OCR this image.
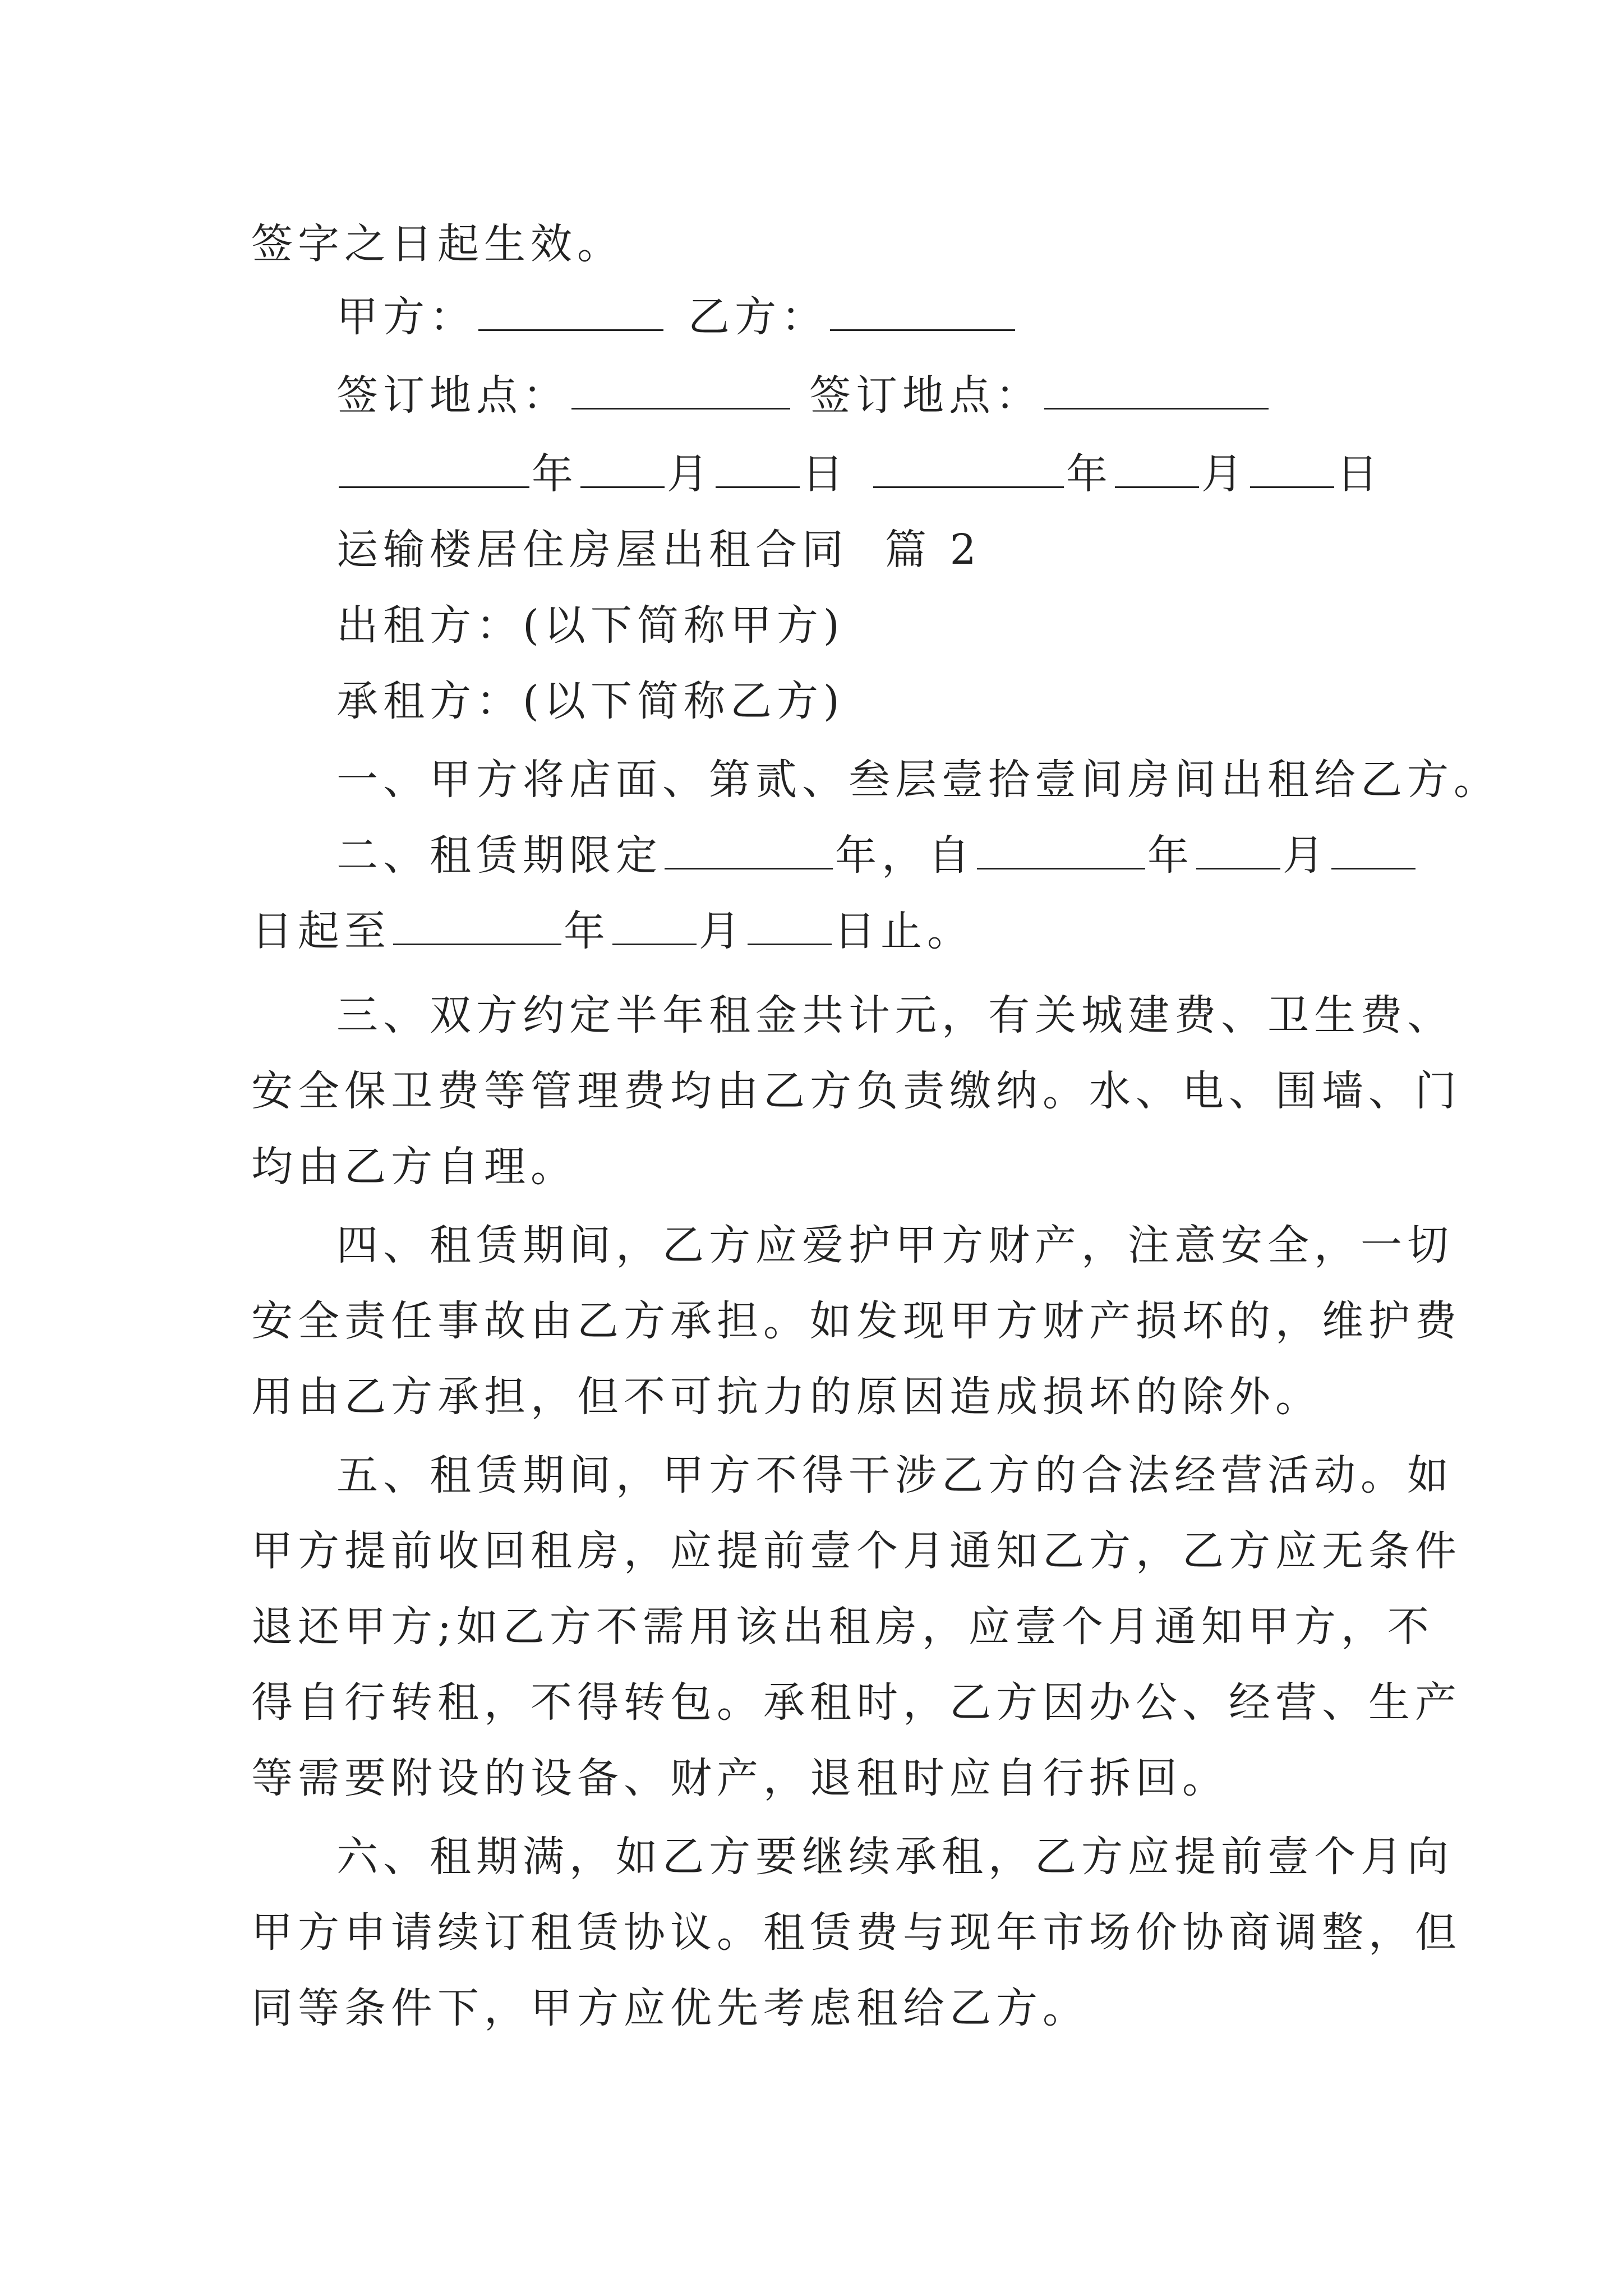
签字之日起生效。
甲方：	乙方：
签订地点：	签订地点：
年 月 日	年 月 日
运输楼居住房屋出租合同  篇 2
出租方：(以下简称甲方)
承租方：(以下简称乙方)
一、甲方将店面、第贰、叁层壹拾壹间房间出租给乙方。
二、租赁期限定	年，自	年 月
日起至	年 月 日止。
三、双方约定半年租金共计元，有关城建费、卫生费、
安全保卫费等管理费均由乙方负责缴纳。水、电、围墙、门
均由乙方自理。
四、租赁期间，乙方应爱护甲方财产，注意安全，一切
安全责任事故由乙方承担。如发现甲方财产损坏的，维护费
用由乙方承担，但不可抗力的原因造成损坏的除外。
五、租赁期间，甲方不得干涉乙方的合法经营活动。如
甲方提前收回租房，应提前壹个月通知乙方，乙方应无条件
退还甲方;如乙方不需用该出租房，应壹个月通知甲方，不
得自行转租，不得转包。承租时，乙方因办公、经营、生产
等需要附设的设备、财产，退租时应自行拆回。
六、租期满，如乙方要继续承租，乙方应提前壹个月向
甲方申请续订租赁协议。租赁费与现年市场价协商调整，但
同等条件下，甲方应优先考虑租给乙方。
